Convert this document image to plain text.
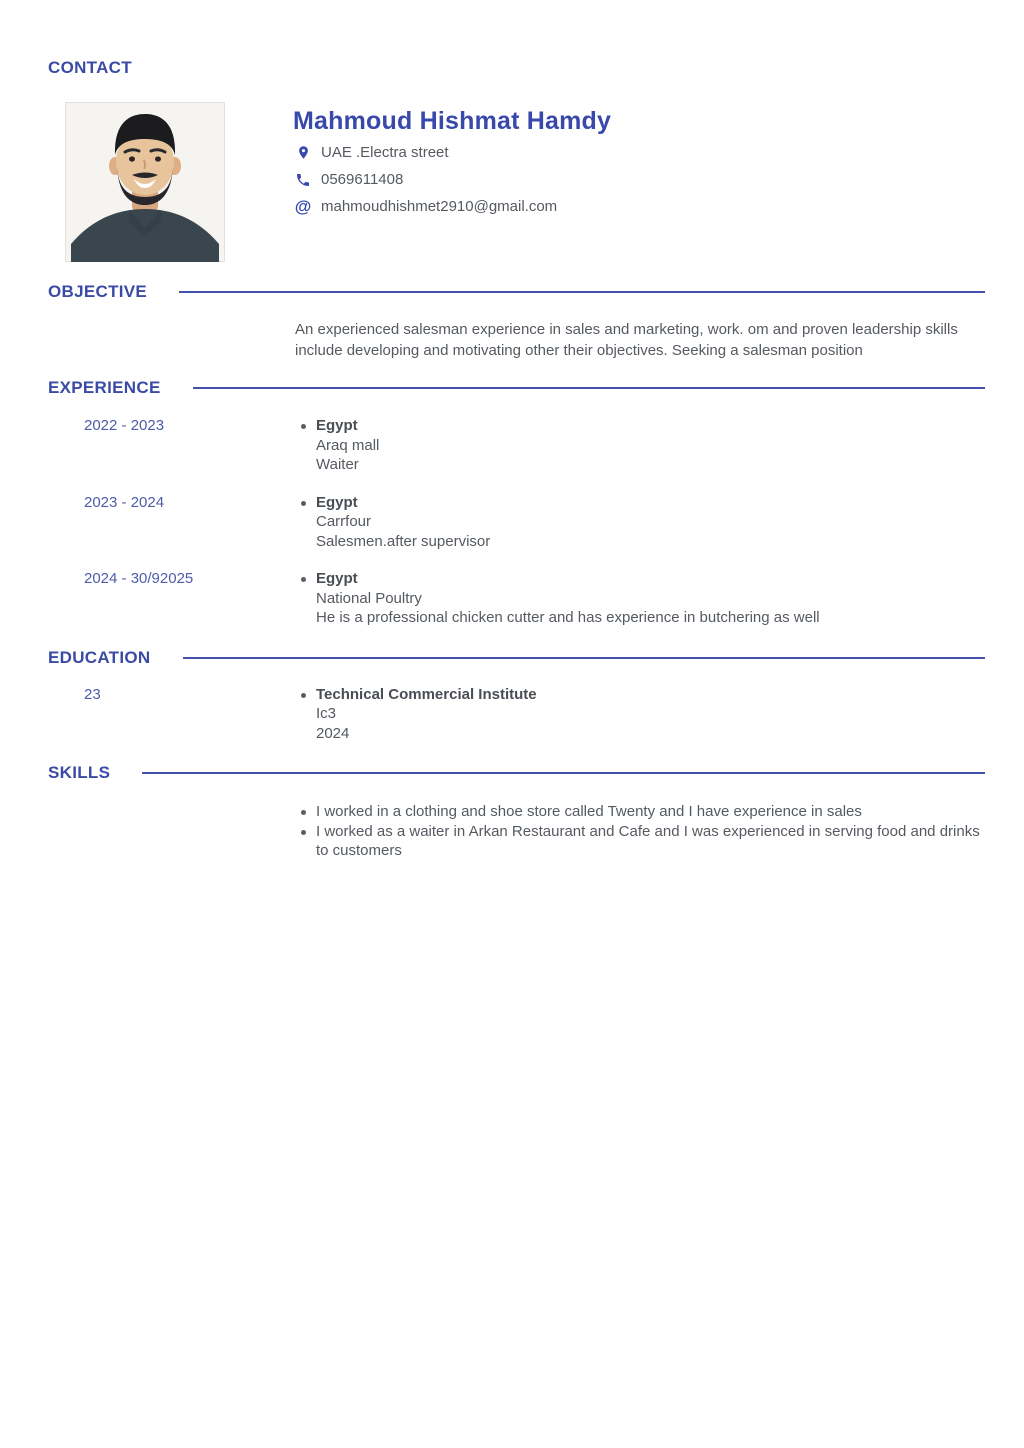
CONTACT
Mahmoud Hishmat Hamdy
UAE .Electra street
0569611408
@ mahmoudhishmet2910@gmail.com
OBJECTIVE

An experienced salesman experience in sales and marketing, work. om and proven leadership skills include developing and motivating other their objectives. Seeking a salesman position

EXPERIENCE
2022 - 2023	Egypt
Araq mall
Waiter
2023 - 2024	Egypt
Carrfour
Salesmen.after supervisor
2024 - 30/92025	Egypt
National Poultry
He is a professional chicken cutter and has experience in butchering as well
EDUCATION
23	Technical Commercial Institute
Ic3
2024
SKILLS
I worked in a clothing and shoe store called Twenty and I have experience in sales
I worked as a waiter in Arkan Restaurant and Cafe and I was experienced in serving food and drinks to customers
